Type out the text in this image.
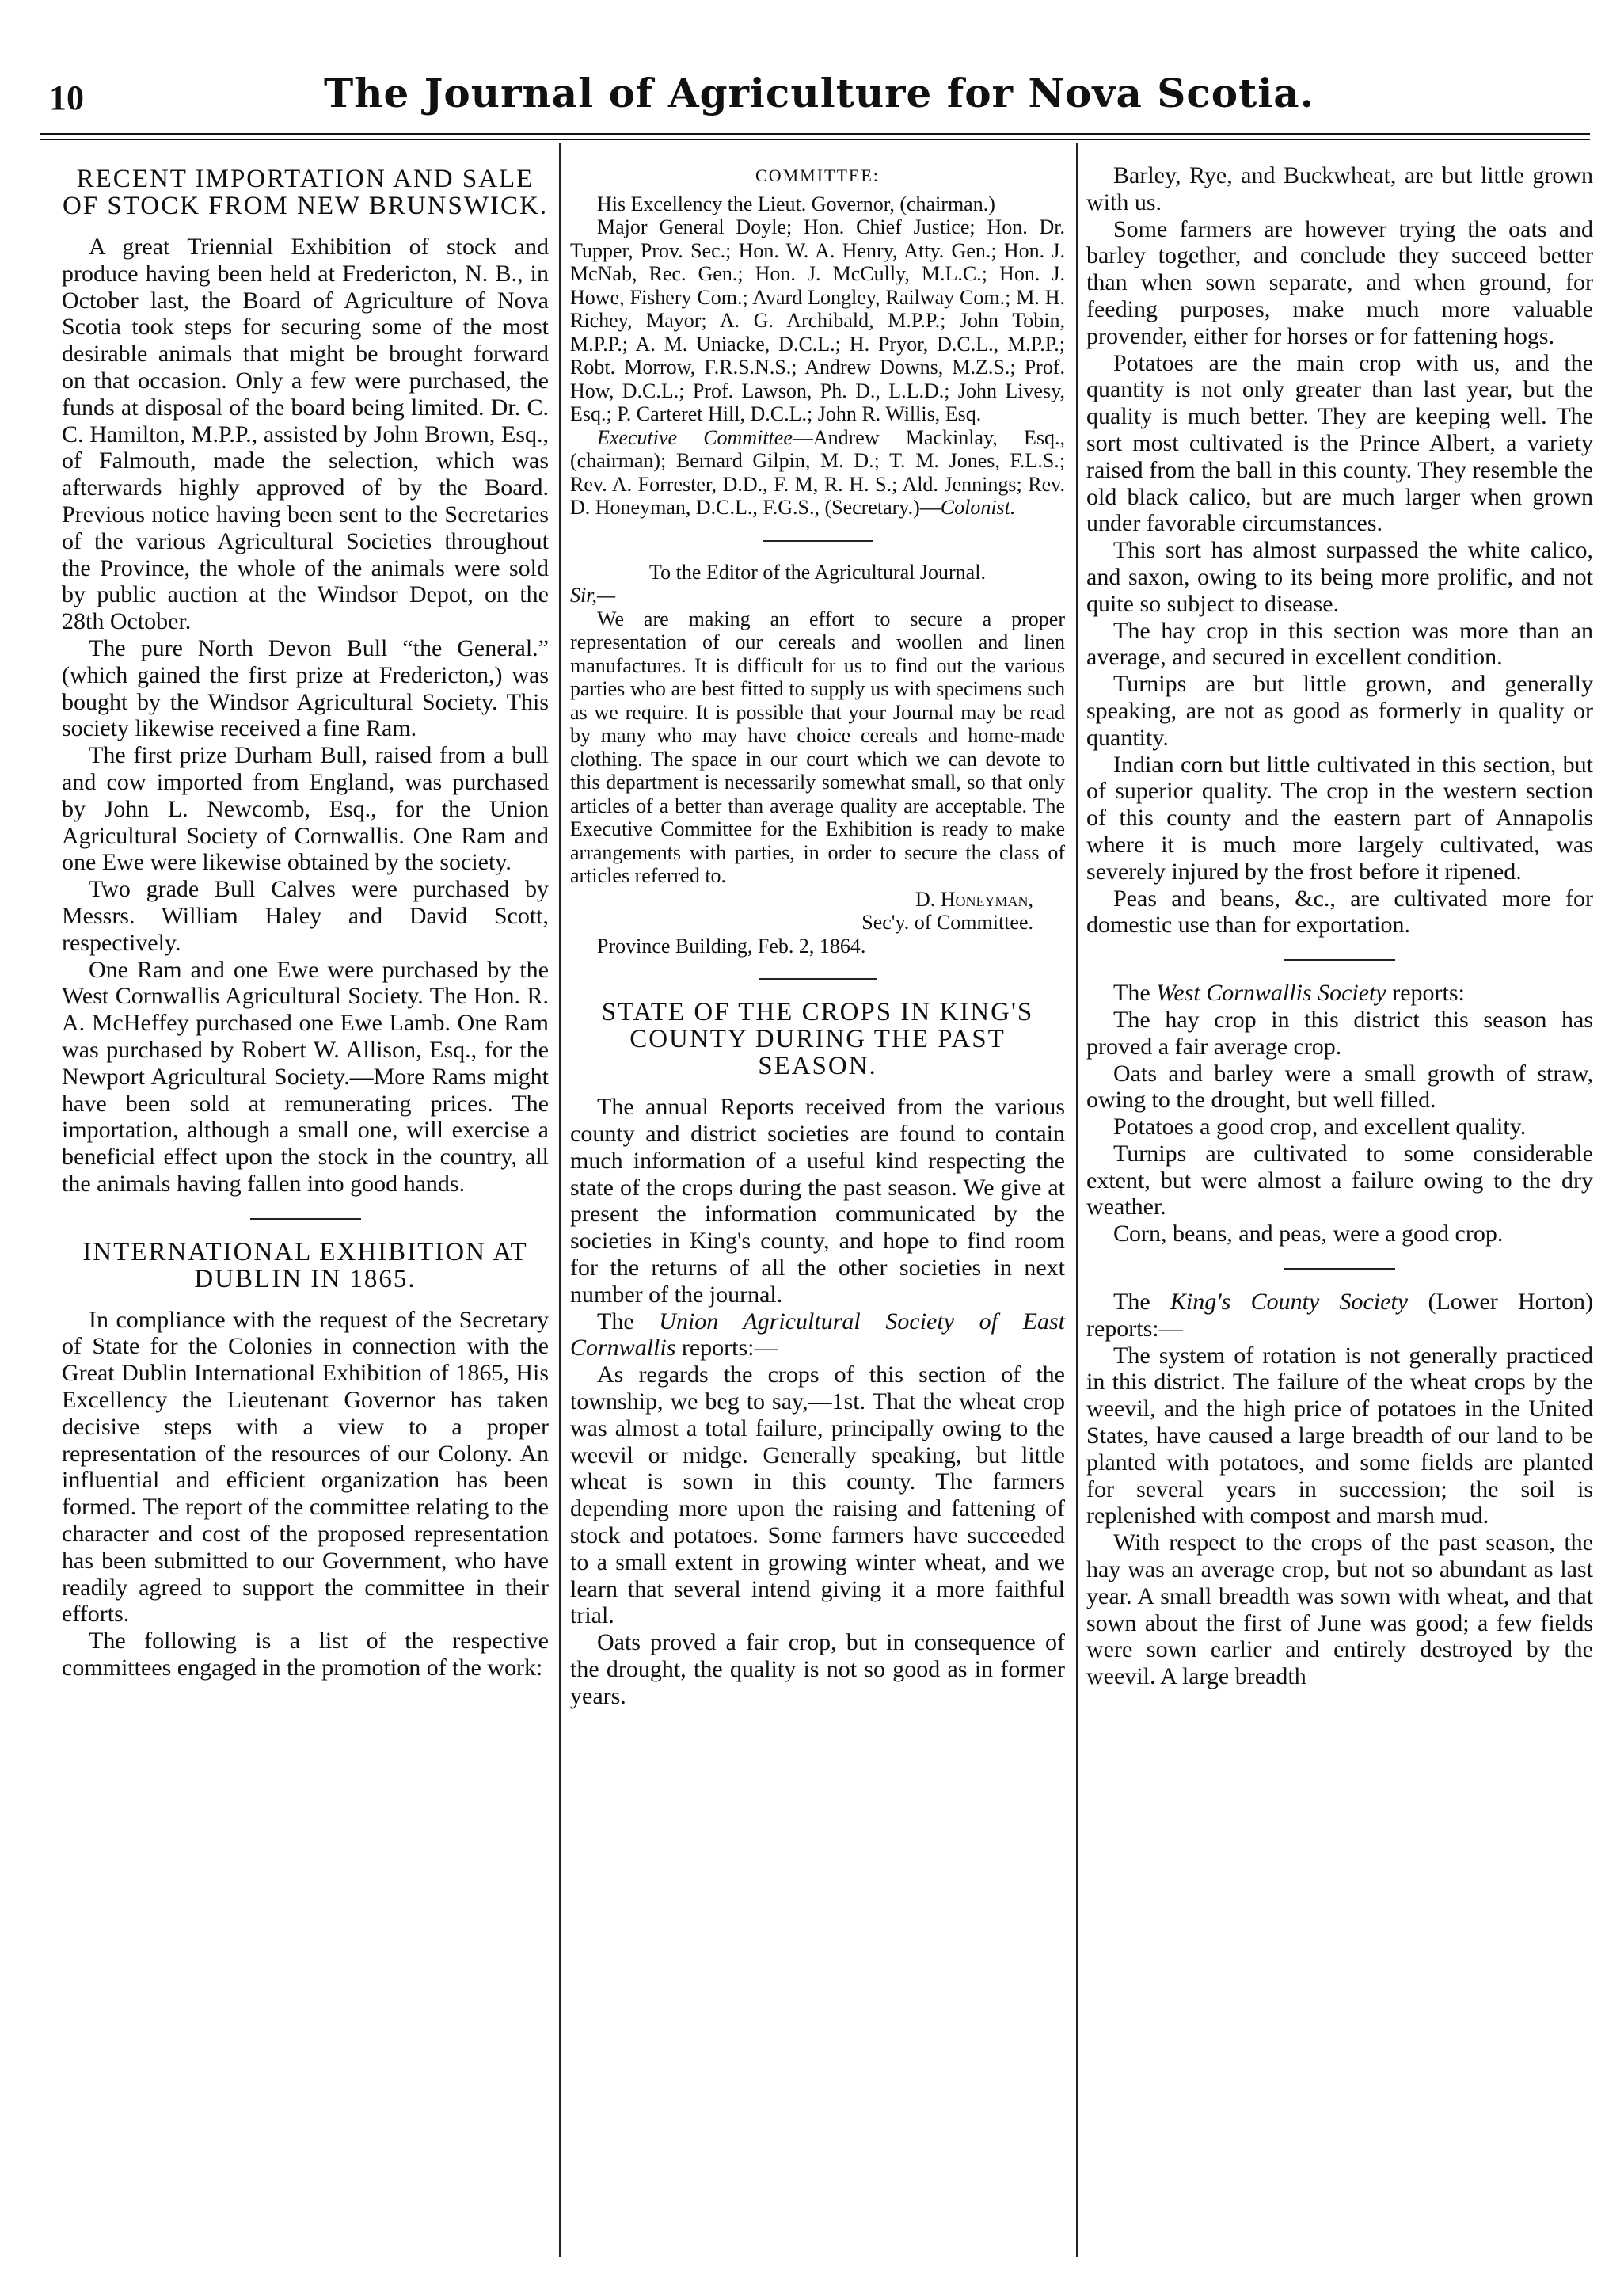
10	The Journal of Agriculture for Nova Scotia.
RECENT IMPORTATION AND SALE OF STOCK FROM NEW BRUNSWICK.

A great Triennial Exhibition of stock and produce having been held at Fredericton, N. B., in October last, the Board of Agriculture of Nova Scotia took steps for securing some of the most desirable animals that might be brought forward on that occasion. Only a few were purchased, the funds at disposal of the board being limited. Dr. C. C. Hamilton, M.P.P., assisted by John Brown, Esq., of Falmouth, made the selection, which was afterwards highly approved of by the Board. Previous notice having been sent to the Secretaries of the various Agricultural Societies throughout the Province, the whole of the animals were sold by public auction at the Windsor Depot, on the 28th October.

The pure North Devon Bull “the General.” (which gained the first prize at Fredericton,) was bought by the Windsor Agricultural Society. This society likewise received a fine Ram.

The first prize Durham Bull, raised from a bull and cow imported from England, was purchased by John L. Newcomb, Esq., for the Union Agricultural Society of Cornwallis. One Ram and one Ewe were likewise obtained by the society.

Two grade Bull Calves were purchased by Messrs. William Haley and David Scott, respectively.

One Ram and one Ewe were purchased by the West Cornwallis Agricultural Society. The Hon. R. A. McHeffey purchased one Ewe Lamb. One Ram was purchased by Robert W. Allison, Esq., for the Newport Agricultural Society.—More Rams might have been sold at remunerating prices. The importation, although a small one, will exercise a beneficial effect upon the stock in the country, all the animals having fallen into good hands.

INTERNATIONAL EXHIBITION AT DUBLIN IN 1865.

In compliance with the request of the Secretary of State for the Colonies in connection with the Great Dublin International Exhibition of 1865, His Excellency the Lieutenant Governor has taken decisive steps with a view to a proper representation of the resources of our Colony. An influential and efficient organization has been formed. The report of the committee relating to the character and cost of the proposed representation has been submitted to our Government, who have readily agreed to support the committee in their efforts.

The following is a list of the respective committees engaged in the promotion of the work:

COMMITTEE:

His Excellency the Lieut. Governor, (chairman.)

Major General Doyle; Hon. Chief Justice; Hon. Dr. Tupper, Prov. Sec.; Hon. W. A. Henry, Atty. Gen.; Hon. J. McNab, Rec. Gen.; Hon. J. McCully, M.L.C.; Hon. J. Howe, Fishery Com.; Avard Longley, Railway Com.; M. H. Richey, Mayor; A. G. Archibald, M.P.P.; John Tobin, M.P.P.; A. M. Uniacke, D.C.L.; H. Pryor, D.C.L., M.P.P.; Robt. Morrow, F.R.S.N.S.; Andrew Downs, M.Z.S.; Prof. How, D.C.L.; Prof. Lawson, Ph. D., L.L.D.; John Livesy, Esq.; P. Carteret Hill, D.C.L.; John R. Willis, Esq.

Executive Committee—Andrew Mackinlay, Esq., (chairman); Bernard Gilpin, M. D.; T. M. Jones, F.L.S.; Rev. A. Forrester, D.D., F. M, R. H. S.; Ald. Jennings; Rev. D. Honeyman, D.C.L., F.G.S., (Secretary.)—Colonist.

To the Editor of the Agricultural Journal.

Sir,—

We are making an effort to secure a proper representation of our cereals and woollen and linen manufactures. It is difficult for us to find out the various parties who are best fitted to supply us with specimens such as we require. It is possible that your Journal may be read by many who may have choice cereals and home-made clothing. The space in our court which we can devote to this department is necessarily somewhat small, so that only articles of a better than average quality are acceptable. The Executive Committee for the Exhibition is ready to make arrangements with parties, in order to secure the class of articles referred to.

D. Honeyman,

Sec'y. of Committee.

Province Building, Feb. 2, 1864.

STATE OF THE CROPS IN KING'S COUNTY DURING THE PAST SEASON.

The annual Reports received from the various county and district societies are found to contain much information of a useful kind respecting the state of the crops during the past season. We give at present the information communicated by the societies in King's county, and hope to find room for the returns of all the other societies in next number of the journal.

The Union Agricultural Society of East Cornwallis reports:—

As regards the crops of this section of the township, we beg to say,—1st. That the wheat crop was almost a total failure, principally owing to the weevil or midge. Generally speaking, but little wheat is sown in this county. The farmers depending more upon the raising and fattening of stock and potatoes. Some farmers have succeeded to a small extent in growing winter wheat, and we learn that several intend giving it a more faithful trial.

Oats proved a fair crop, but in consequence of the drought, the quality is not so good as in former years.

Barley, Rye, and Buckwheat, are but little grown with us.

Some farmers are however trying the oats and barley together, and conclude they succeed better than when sown separate, and when ground, for feeding purposes, make much more valuable provender, either for horses or for fattening hogs.

Potatoes are the main crop with us, and the quantity is not only greater than last year, but the quality is much better. They are keeping well. The sort most cultivated is the Prince Albert, a variety raised from the ball in this county. They resemble the old black calico, but are much larger when grown under favorable circumstances.

This sort has almost surpassed the white calico, and saxon, owing to its being more prolific, and not quite so subject to disease.

The hay crop in this section was more than an average, and secured in excellent condition.

Turnips are but little grown, and generally speaking, are not as good as formerly in quality or quantity.

Indian corn but little cultivated in this section, but of superior quality. The crop in the western section of this county and the eastern part of Annapolis where it is much more largely cultivated, was severely injured by the frost before it ripened.

Peas and beans, &c., are cultivated more for domestic use than for exportation.

The West Cornwallis Society reports:

The hay crop in this district this season has proved a fair average crop.

Oats and barley were a small growth of straw, owing to the drought, but well filled.

Potatoes a good crop, and excellent quality.

Turnips are cultivated to some considerable extent, but were almost a failure owing to the dry weather.

Corn, beans, and peas, were a good crop.

The King's County Society (Lower Horton) reports:—

The system of rotation is not generally practiced in this district. The failure of the wheat crops by the weevil, and the high price of potatoes in the United States, have caused a large breadth of our land to be planted with potatoes, and some fields are planted for several years in succession; the soil is replenished with compost and marsh mud.

With respect to the crops of the past season, the hay was an average crop, but not so abundant as last year. A small breadth was sown with wheat, and that sown about the first of June was good; a few fields were sown earlier and entirely destroyed by the weevil. A large breadth
